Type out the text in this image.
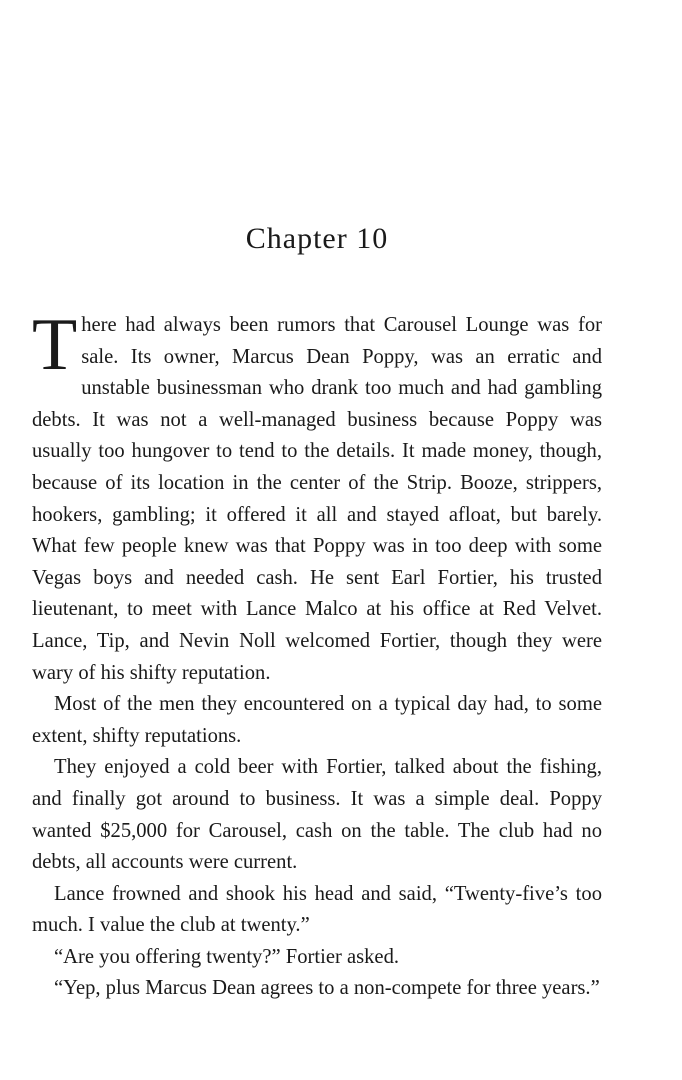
Chapter 10

There had always been rumors that Carousel Lounge was for sale. Its owner, Marcus Dean Poppy, was an erratic and unstable businessman who drank too much and had gambling debts. It was not a well-managed business because Poppy was usually too hungover to tend to the details. It made money, though, because of its location in the center of the Strip. Booze, strippers, hookers, gambling; it offered it all and stayed afloat, but barely. What few people knew was that Poppy was in too deep with some Vegas boys and needed cash. He sent Earl Fortier, his trusted lieutenant, to meet with Lance Malco at his office at Red Velvet. Lance, Tip, and Nevin Noll welcomed Fortier, though they were wary of his shifty reputation.

Most of the men they encountered on a typical day had, to some extent, shifty reputations.

They enjoyed a cold beer with Fortier, talked about the fishing, and finally got around to business. It was a simple deal. Poppy wanted $25,000 for Carousel, cash on the table. The club had no debts, all accounts were current.

Lance frowned and shook his head and said, “Twenty-five’s too much. I value the club at twenty.”

“Are you offering twenty?” Fortier asked.

“Yep, plus Marcus Dean agrees to a non-compete for three years.”
